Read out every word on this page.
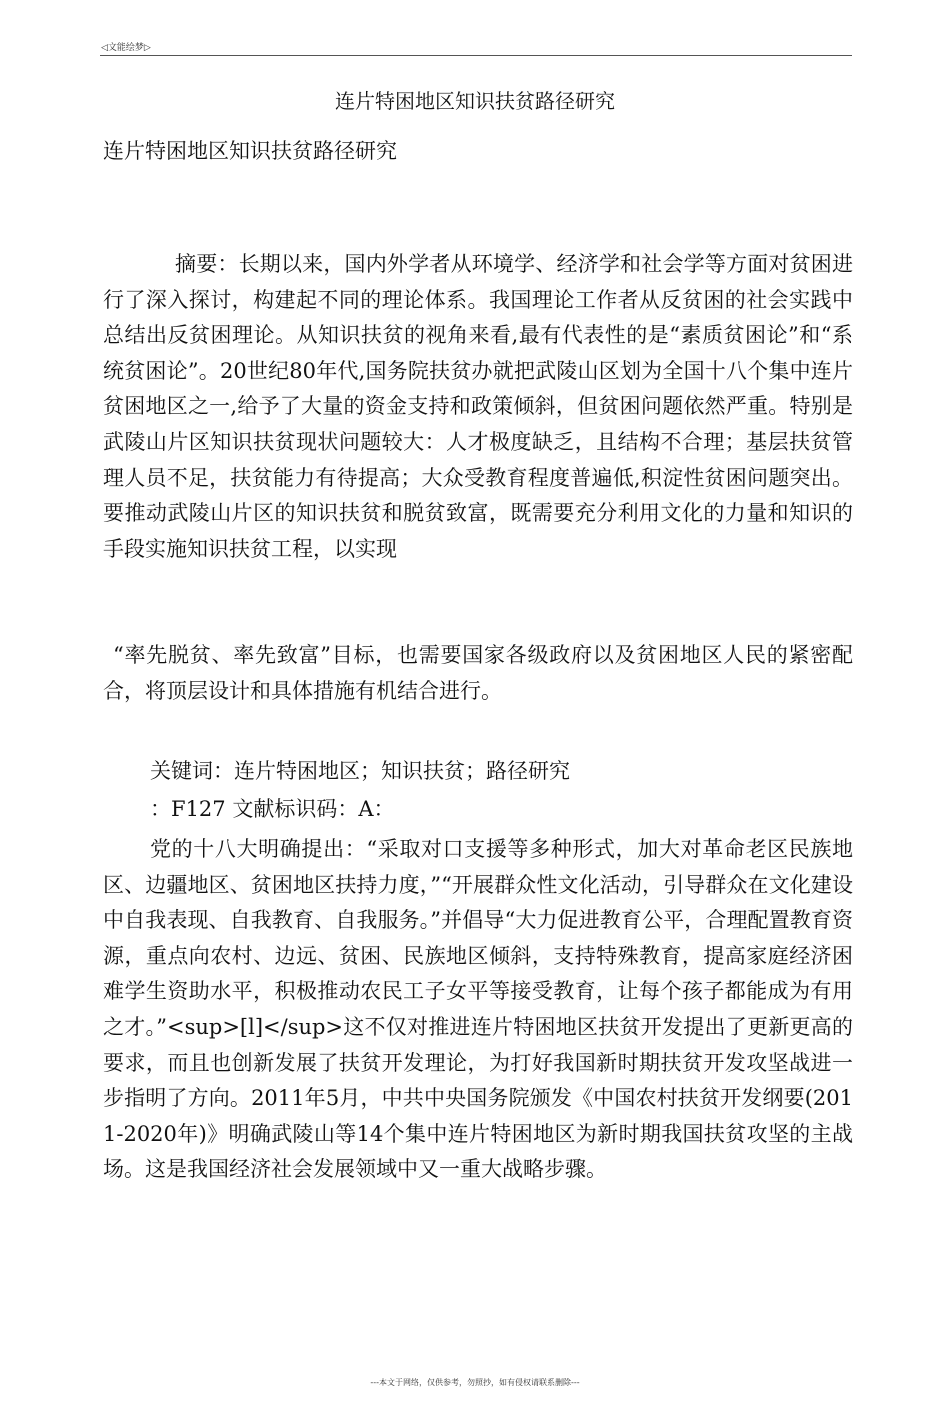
◁文能绘梦▷
连片特困地区知识扶贫路径研究
连片特困地区知识扶贫路径研究

摘要：长期以来，国内外学者从环境学、经济学和社会学等方面对贫困进行了深入探讨，构建起不同的理论体系。我国理论工作者从反贫困的社会实践中总结出反贫困理论。从知识扶贫的视角来看,最有代表性的是“素质贫困论”和“系统贫困论”。20世纪80年代,国务院扶贫办就把武陵山区划为全国十八个集中连片贫困地区之一,给予了大量的资金支持和政策倾斜，但贫困问题依然严重。特别是武陵山片区知识扶贫现状问题较大：人才极度缺乏，且结构不合理；基层扶贫管理人员不足，扶贫能力有待提高；大众受教育程度普遍低,积淀性贫困问题突出。要推动武陵山片区的知识扶贫和脱贫致富，既需要充分利用文化的力量和知识的手段实施知识扶贫工程，以实现

“率先脱贫、率先致富”目标，也需要国家各级政府以及贫困地区人民的紧密配合，将顶层设计和具体措施有机结合进行。

关键词：连片特困地区；知识扶贫；路径研究

：F127 文献标识码：A：

党的十八大明确提出：“采取对口支援等多种形式，加大对革命老区民族地区、边疆地区、贫困地区扶持力度，”“开展群众性文化活动，引导群众在文化建设中自我表现、自我教育、自我服务。”并倡导“大力促进教育公平，合理配置教育资源，重点向农村、边远、贫困、民族地区倾斜，支持特殊教育，提高家庭经济困难学生资助水平，积极推动农民工子女平等接受教育，让每个孩子都能成为有用之才。”<sup>[l]</sup>这不仅对推进连片特困地区扶贫开发提出了更新更高的要求，而且也创新发展了扶贫开发理论，为打好我国新时期扶贫开发攻坚战进一步指明了方向。2011年5月，中共中央国务院颁发《中国农村扶贫开发纲要(2011-2020年)》明确武陵山等14个集中连片特困地区为新时期我国扶贫攻坚的主战场。这是我国经济社会发展领域中又一重大战略步骤。

---本文于网络，仅供参考，勿照抄，如有侵权请联系删除---
